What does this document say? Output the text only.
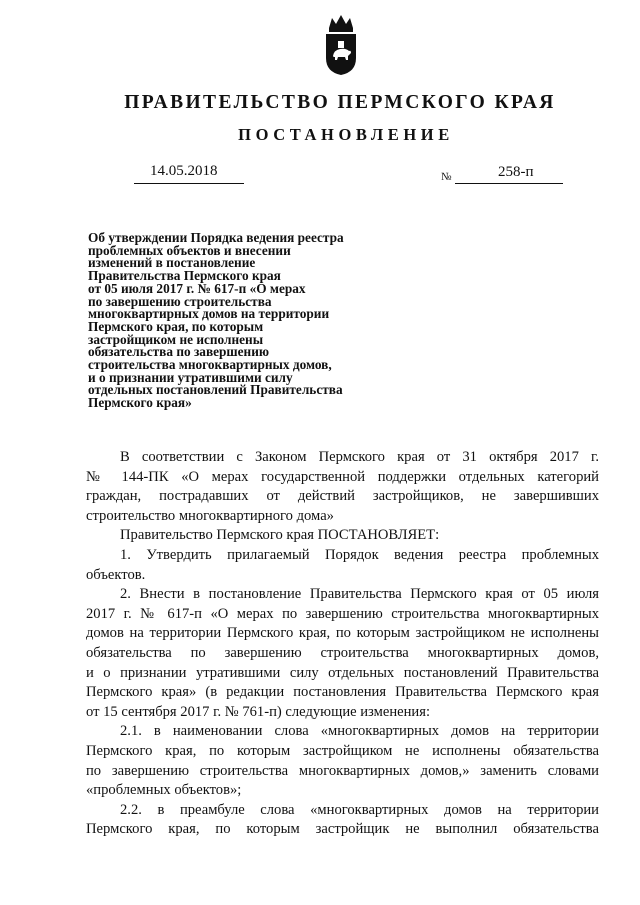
ПРАВИТЕЛЬСТВО ПЕРМСКОГО КРАЯ
ПОСТАНОВЛЕНИЕ
14.05.2018	№	258-п
Об утверждении Порядка ведения реестра
проблемных объектов и внесении
изменений в постановление
Правительства Пермского края
от 05 июля 2017 г. № 617-п «О мерах
по завершению строительства
многоквартирных домов на территории
Пермского края, по которым
застройщиком не исполнены
обязательства по завершению
строительства многоквартирных домов,
и о признании утратившими силу
отдельных постановлений Правительства
Пермского края»
В соответствии с Законом Пермского края от 31 октября 2017 г.
№ 144-ПК «О мерах государственной поддержки отдельных категорий
граждан, пострадавших от действий застройщиков, не завершивших
строительство многоквартирного дома»
Правительство Пермского края ПОСТАНОВЛЯЕТ:
1. Утвердить прилагаемый Порядок ведения реестра проблемных
объектов.
2. Внести в постановление Правительства Пермского края от 05 июля
2017 г. № 617-п «О мерах по завершению строительства многоквартирных
домов на территории Пермского края, по которым застройщиком не исполнены
обязательства по завершению строительства многоквартирных домов,
и о признании утратившими силу отдельных постановлений Правительства
Пермского края» (в редакции постановления Правительства Пермского края
от 15 сентября 2017 г. № 761-п) следующие изменения:
2.1. в наименовании слова «многоквартирных домов на территории
Пермского края, по которым застройщиком не исполнены обязательства
по завершению строительства многоквартирных домов,» заменить словами
«проблемных объектов»;
2.2. в преамбуле слова «многоквартирных домов на территории
Пермского края, по которым застройщик не выполнил обязательства
